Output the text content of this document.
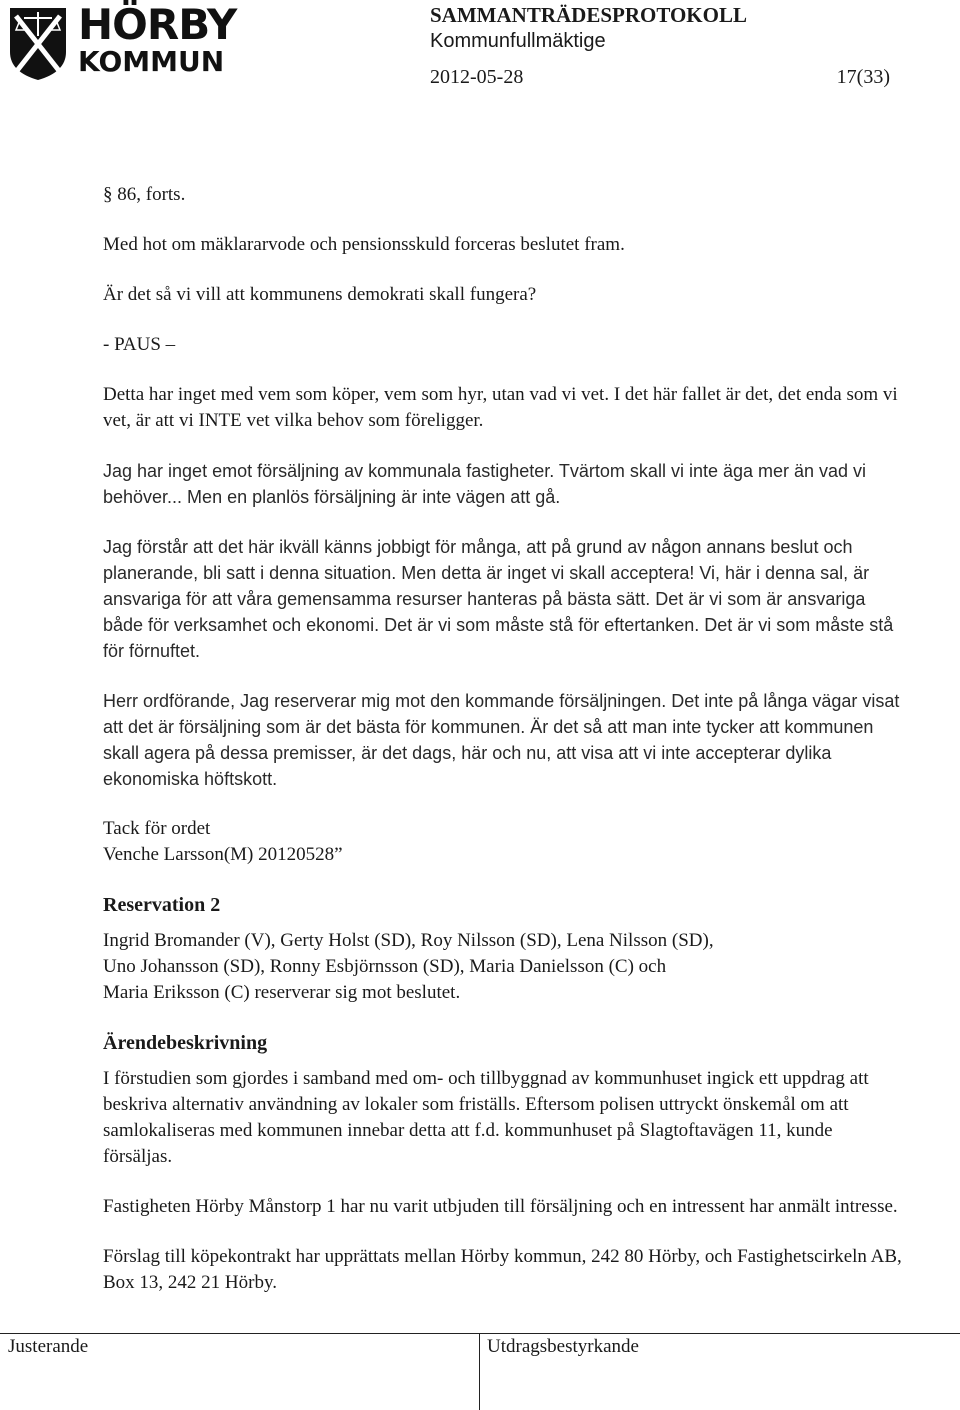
HÖRBY
KOMMUN
SAMMANTRÄDESPROTOKOLL
Kommunfullmäktige
2012-05-28	17(33)

§ 86, forts.

Med hot om mäklararvode och pensionsskuld forceras beslutet fram.

Är det så vi vill att kommunens demokrati skall fungera?

- PAUS –

Detta har inget med vem som köper, vem som hyr, utan vad vi vet. I det här fallet är det, det enda som vi vet, är att vi INTE vet vilka behov som föreligger.

Jag har inget emot försäljning av kommunala fastigheter. Tvärtom skall vi inte äga mer än vad vi behöver... Men en planlös försäljning är inte vägen att gå.

Jag förstår att det här ikväll känns jobbigt för många, att på grund av någon annans beslut och planerande, bli satt i denna situation. Men detta är inget vi skall acceptera! Vi, här i denna sal, är ansvariga för att våra gemensamma resurser hanteras på bästa sätt. Det är vi som är ansvariga både för verksamhet och ekonomi. Det är vi som måste stå för eftertanken. Det är vi som måste stå för förnuftet.

Herr ordförande, Jag reserverar mig mot den kommande försäljningen. Det inte på långa vägar visat att det är försäljning som är det bästa för kommunen. Är det så att man inte tycker att kommunen skall agera på dessa premisser, är det dags, här och nu, att visa att vi inte accepterar dylika ekonomiska höftskott.

Tack för ordet
Venche Larsson(M) 20120528”
Reservation 2
Ingrid Bromander (V), Gerty Holst (SD), Roy Nilsson (SD), Lena Nilsson (SD),
Uno Johansson (SD), Ronny Esbjörnsson (SD), Maria Danielsson (C) och
Maria Eriksson (C) reserverar sig mot beslutet.
Ärendebeskrivning

I förstudien som gjordes i samband med om- och tillbyggnad av kommunhuset ingick ett uppdrag att beskriva alternativ användning av lokaler som friställs. Eftersom polisen uttryckt önskemål om att samlokaliseras med kommunen innebar detta att f.d. kommunhuset på Slagtoftavägen 11, kunde försäljas.

Fastigheten Hörby Månstorp 1 har nu varit utbjuden till försäljning och en intressent har anmält intresse.

Förslag till köpekontrakt har upprättats mellan Hörby kommun, 242 80 Hörby, och Fastighetscirkeln AB, Box 13, 242 21 Hörby.

Justerande	Utdragsbestyrkande
